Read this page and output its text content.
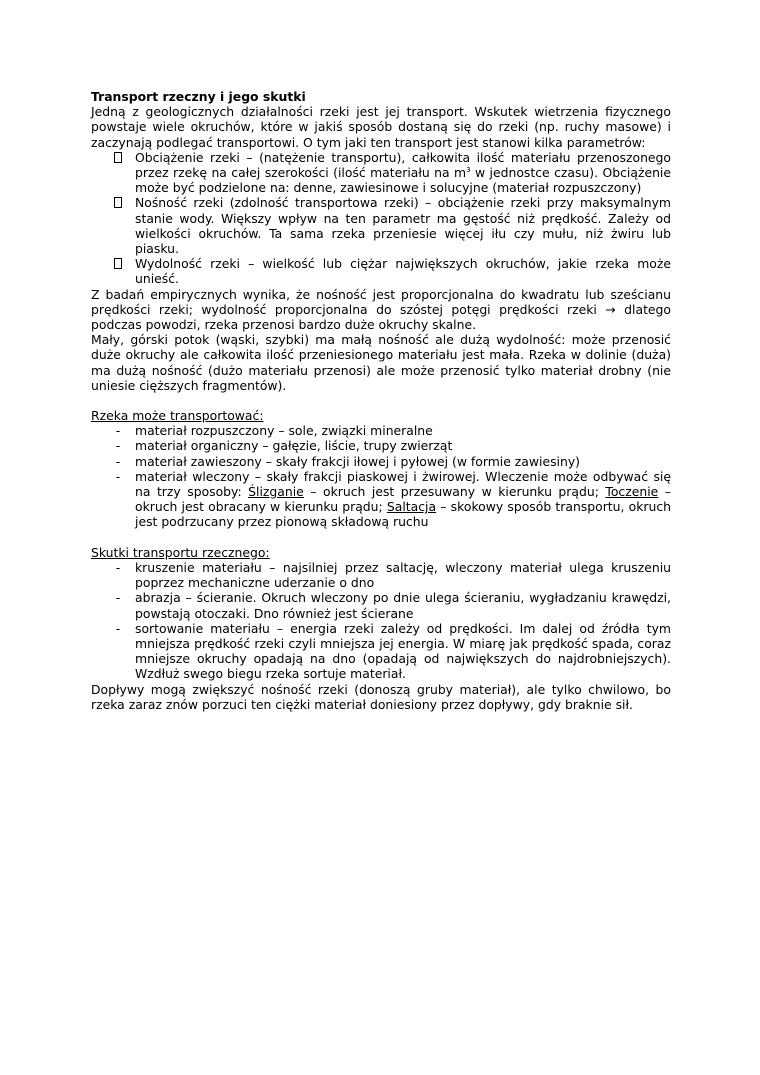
Transport rzeczny i jego skutki

Jedną z geologicznych działalności rzeki jest jej transport. Wskutek wietrzenia fizycznego powstaje wiele okruchów, które w jakiś sposób dostaną się do rzeki (np. ruchy masowe) i zaczynają podlegać transportowi. O tym jaki ten transport jest stanowi kilka parametrów:

Obciążenie rzeki – (natężenie transportu), całkowita ilość materiału przenoszonego przez rzekę na całej szerokości (ilość materiału na $m^3$ w jednostce czasu). Obciążenie może być podzielone na: denne, zawiesinowe i solucyjne (materiał rozpuszczony)
Nośność rzeki (zdolność transportowa rzeki) – obciążenie rzeki przy maksymalnym stanie wody. Większy wpływ na ten parametr ma gęstość niż prędkość. Zależy od wielkości okruchów. Ta sama rzeka przeniesie więcej iłu czy mułu, niż żwiru lub piasku.
Wydolność rzeki – wielkość lub ciężar największych okruchów, jakie rzeka może unieść.

Z badań empirycznych wynika, że nośność jest proporcjonalna do kwadratu lub sześcianu prędkości rzeki; wydolność proporcjonalna do szóstej potęgi prędkości rzeki → dlatego podczas powodzi, rzeka przenosi bardzo duże okruchy skalne.

Mały, górski potok (wąski, szybki) ma małą nośność ale dużą wydolność: może przenosić duże okruchy ale całkowita ilość przeniesionego materiału jest mała. Rzeka w dolinie (duża) ma dużą nośność (dużo materiału przenosi) ale może przenosić tylko materiał drobny (nie uniesie cięższych fragmentów).

Rzeka może transportować:

-	materiał rozpuszczony – sole, związki mineralne
-	materiał organiczny – gałęzie, liście, trupy zwierząt
-	materiał zawieszony – skały frakcji iłowej i pyłowej (w formie zawiesiny)
-	materiał wleczony – skały frakcji piaskowej i żwirowej. Wleczenie może odbywać się na trzy sposoby: Ślizganie – okruch jest przesuwany w kierunku prądu; Toczenie – okruch jest obracany w kierunku prądu; Saltacja – skokowy sposób transportu, okruch jest podrzucany przez pionową składową ruchu

Skutki transportu rzecznego:

-	kruszenie materiału – najsilniej przez saltację, wleczony materiał ulega kruszeniu poprzez mechaniczne uderzanie o dno
-	abrazja – ścieranie. Okruch wleczony po dnie ulega ścieraniu, wygładzaniu krawędzi, powstają otoczaki. Dno również jest ścierane
-	sortowanie materiału – energia rzeki zależy od prędkości. Im dalej od źródła tym mniejsza prędkość rzeki czyli mniejsza jej energia. W miarę jak prędkość spada, coraz mniejsze okruchy opadają na dno (opadają od największych do najdrobniejszych). Wzdłuż swego biegu rzeka sortuje materiał.

Dopływy mogą zwiększyć nośność rzeki (donoszą gruby materiał), ale tylko chwilowo, bo rzeka zaraz znów porzuci ten ciężki materiał doniesiony przez dopływy, gdy braknie sił.
